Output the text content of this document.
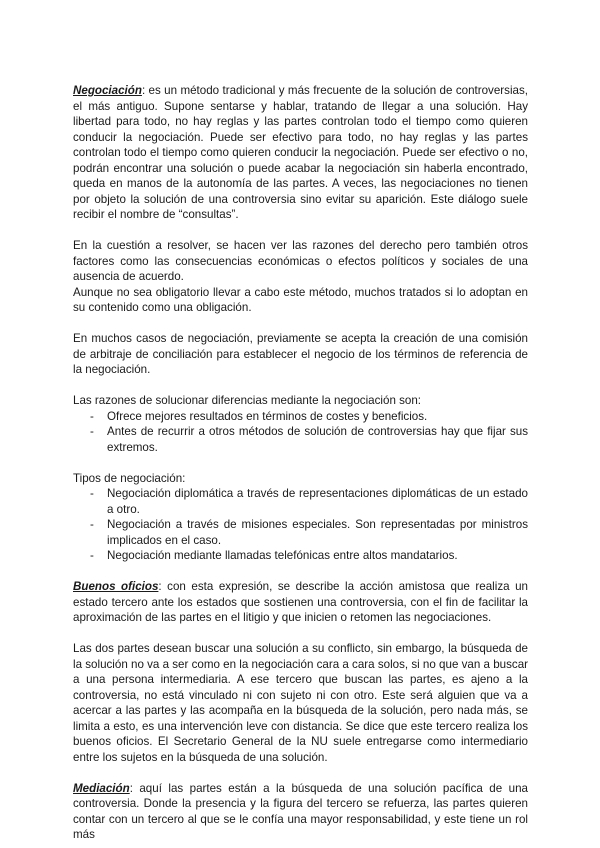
Negociación: es un método tradicional y más frecuente de la solución de controversias, el más antiguo. Supone sentarse y hablar, tratando de llegar a una solución. Hay libertad para todo, no hay reglas y las partes controlan todo el tiempo como quieren conducir la negociación. Puede ser efectivo para todo, no hay reglas y las partes controlan todo el tiempo como quieren conducir la negociación. Puede ser efectivo o no, podrán encontrar una solución o puede acabar la negociación sin haberla encontrado, queda en manos de la autonomía de las partes. A veces, las negociaciones no tienen por objeto la solución de una controversia sino evitar su aparición. Este diálogo suele recibir el nombre de “consultas”.

En la cuestión a resolver, se hacen ver las razones del derecho pero también otros factores como las consecuencias económicas o efectos políticos y sociales de una ausencia de acuerdo.

Aunque no sea obligatorio llevar a cabo este método, muchos tratados si lo adoptan en su contenido como una obligación.

En muchos casos de negociación, previamente se acepta la creación de una comisión de arbitraje de conciliación para establecer el negocio de los términos de referencia de la negociación.

Las razones de solucionar diferencias mediante la negociación son:

- Ofrece mejores resultados en términos de costes y beneficios.
- Antes de recurrir a otros métodos de solución de controversias hay que fijar sus extremos.

Tipos de negociación:

- Negociación diplomática a través de representaciones diplomáticas de un estado a otro.
- Negociación a través de misiones especiales. Son representadas por ministros implicados en el caso.
- Negociación mediante llamadas telefónicas entre altos mandatarios.

Buenos oficios: con esta expresión, se describe la acción amistosa que realiza un estado tercero ante los estados que sostienen una controversia, con el fin de facilitar la aproximación de las partes en el litigio y que inicien o retomen las negociaciones.

Las dos partes desean buscar una solución a su conflicto, sin embargo, la búsqueda de la solución no va a ser como en la negociación cara a cara solos, si no que van a buscar a una persona intermediaria. A ese tercero que buscan las partes, es ajeno a la controversia, no está vinculado ni con sujeto ni con otro. Este será alguien que va a acercar a las partes y las acompaña en la búsqueda de la solución, pero nada más, se limita a esto, es una intervención leve con distancia. Se dice que este tercero realiza los buenos oficios. El Secretario General de la NU suele entregarse como intermediario entre los sujetos en la búsqueda de una solución.

Mediación: aquí las partes están a la búsqueda de una solución pacífica de una controversia. Donde la presencia y la figura del tercero se refuerza, las partes quieren contar con un tercero al que se le confía una mayor responsabilidad, y este tiene un rol más
